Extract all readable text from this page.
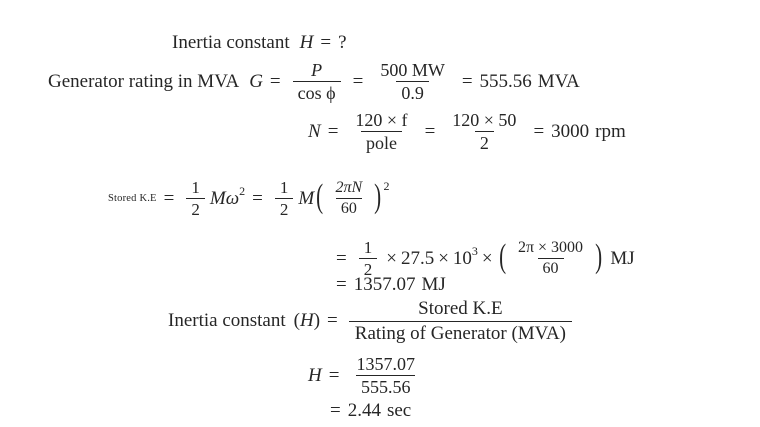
Inertia constant H = ?
Generator rating in MVA $G = \frac{P}{\text{cos ϕ}} = \frac{500 MW}{0.9} = 555.56$ MVA
$N = \frac{120 \times f}{\text{pole}} = \frac{120 \times 50}{2} = 3000$ rpm
Stored $K.E = \frac{1}{2}$ Mω $2 = \frac{1}{2}$ M ( $\frac{2\pi N}{60}$ ) 2
= $\frac{1}{2} \times 27.5 \times 10$ 3 × ( $\frac{2\pi \times 3000}{60}$ ) MJ
= 1357.07 MJ
Inertia constant ( H ) = $\frac{\text{Stored K.E}}{\text{Rating of Generator (MVA)}}$
$H = \frac{1357.07}{555.56}$
= 2.44 sec
